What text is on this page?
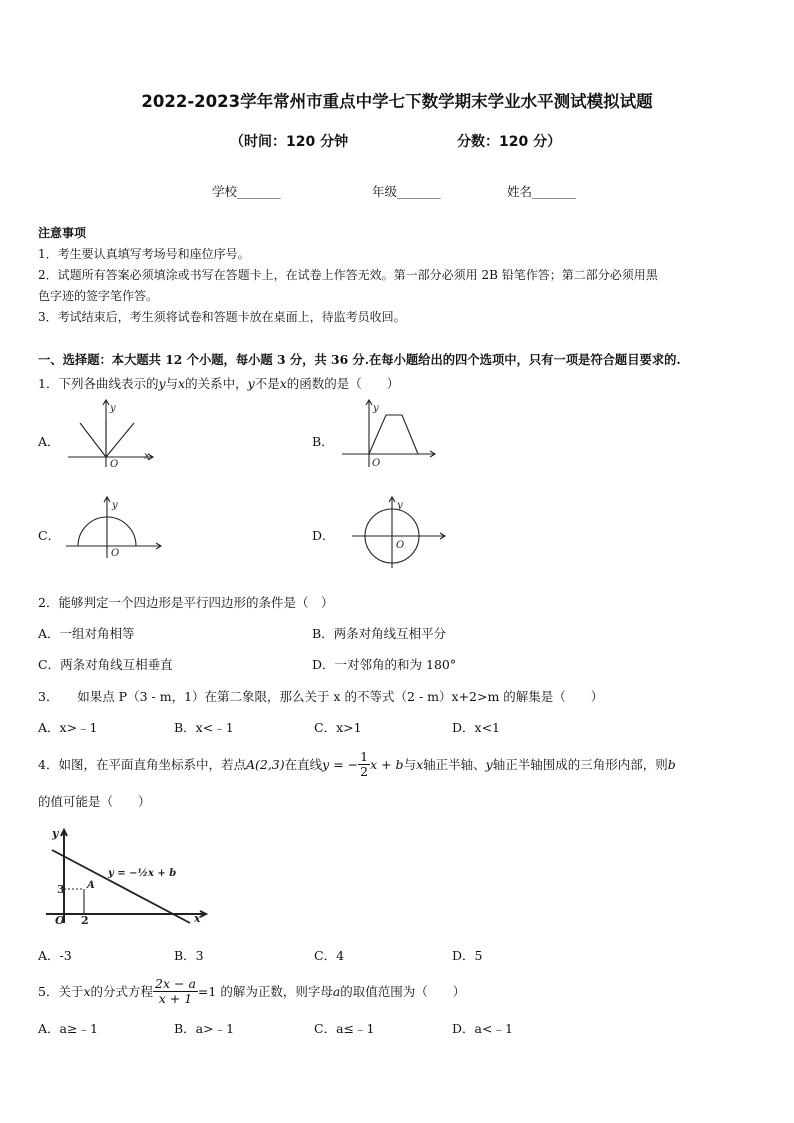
2022-2023学年常州市重点中学七下数学期末学业水平测试模拟试题
（时间：120 分钟	分数：120 分）
学校_______	年级_______	姓名_______
注意事项
1．考生要认真填写考场号和座位序号。
2．试题所有答案必须填涂或书写在答题卡上，在试卷上作答无效。第一部分必须用 2B 铅笔作答；第二部分必须用黑
色字迹的签字笔作答。
3．考试结束后，考生须将试卷和答题卡放在桌面上，待监考员收回。
一、选择题：本大题共 12 个小题，每小题 3 分，共 36 分.在每小题给出的四个选项中，只有一项是符合题目要求的.
1．下列各曲线表示的y与x的关系中，y不是x的函数的是（　　）
A．
O
x
y
B．
O
y
C．
O
y
D．
O
y
2．能够判定一个四边形是平行四边形的条件是（　）
A．一组对角相等	B．两条对角线互相平分
C．两条对角线互相垂直	D．一对邻角的和为 180°
3．　　如果点 P（3 - m，1）在第二象限，那么关于 x 的不等式（2 - m）x+2>m 的解集是（　　）
A．x>﹣1	B．x<﹣1	C．x>1	D．x<1
4．如图，在平面直角坐标系中，若点 A(2,3) 在直线 y = − $\frac{1}{2}$ x + b 与 x 轴正半轴、 y 轴正半轴围成的三角形内部，则 b
的值可能是（　　）
y
x
O
3
2
A
y = −½x + b
A．-3	B．3	C．4	D．5
5．关于 x 的分式方程 $\frac{2x - a}{x + 1} =1$ 的解为正数，则字母 a 的取值范围为（　　）
A．a≥﹣1	B．a>﹣1	C．a≤﹣1	D．a<﹣1
